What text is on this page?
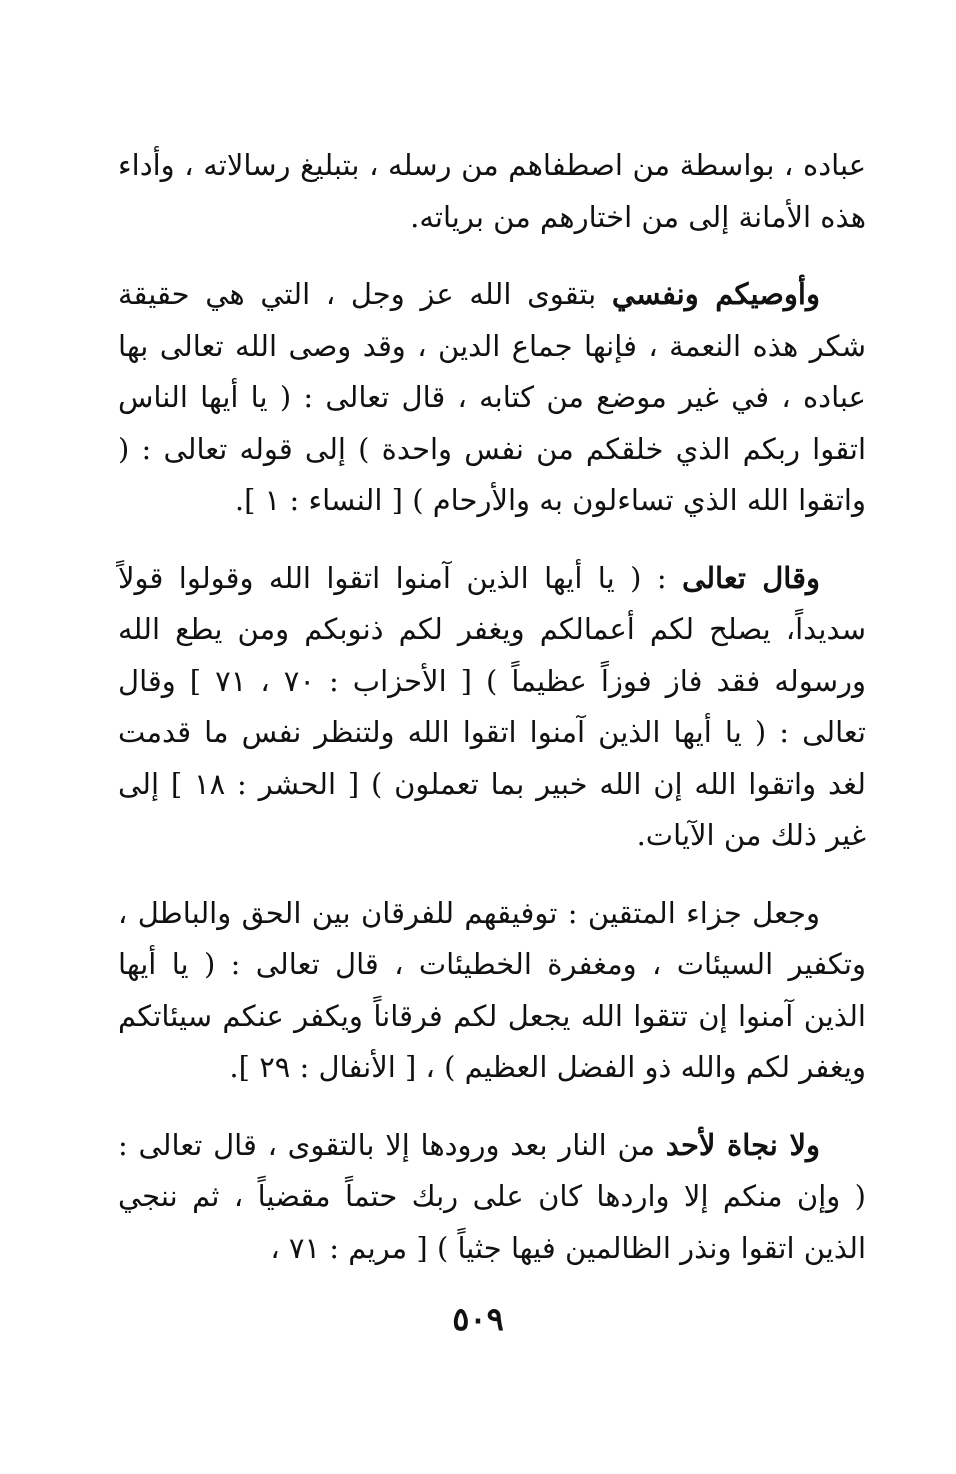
عباده ، بواسطة من اصطفاهم من رسله ، بتبليغ رسالاته ، وأداء هذه الأمانة إلى من اختارهم من برياته.

وأوصيكم ونفسي بتقوى الله عز وجل ، التي هي حقيقة شكر هذه النعمة ، فإنها جماع الدين ، وقد وصى الله تعالى بها عباده ، في غير موضع من كتابه ، قال تعالى : ( يا أيها الناس اتقوا ربكم الذي خلقكم من نفس واحدة ) إلى قوله تعالى : ( واتقوا الله الذي تساءلون به والأرحام ) [ النساء : ١ ].

وقال تعالى : ( يا أيها الذين آمنوا اتقوا الله وقولوا قولاً سديداً، يصلح لكم أعمالكم ويغفر لكم ذنوبكم ومن يطع الله ورسوله فقد فاز فوزاً عظيماً ) [ الأحزاب : ٧٠ ، ٧١ ] وقال تعالى : ( يا أيها الذين آمنوا اتقوا الله ولتنظر نفس ما قدمت لغد واتقوا الله إن الله خبير بما تعملون ) [ الحشر : ١٨ ] إلى غير ذلك من الآيات.

وجعل جزاء المتقين : توفيقهم للفرقان بين الحق والباطل ، وتكفير السيئات ، ومغفرة الخطيئات ، قال تعالى : ( يا أيها الذين آمنوا إن تتقوا الله يجعل لكم فرقاناً ويكفر عنكم سيئاتكم ويغفر لكم والله ذو الفضل العظيم ) ، [ الأنفال : ٢٩ ].

ولا نجاة لأحد من النار بعد ورودها إلا بالتقوى ، قال تعالى : ( وإن منكم إلا واردها كان على ربك حتماً مقضياً ، ثم ننجي الذين اتقوا ونذر الظالمين فيها جثياً ) [ مريم : ٧١ ،

٥٠٩
